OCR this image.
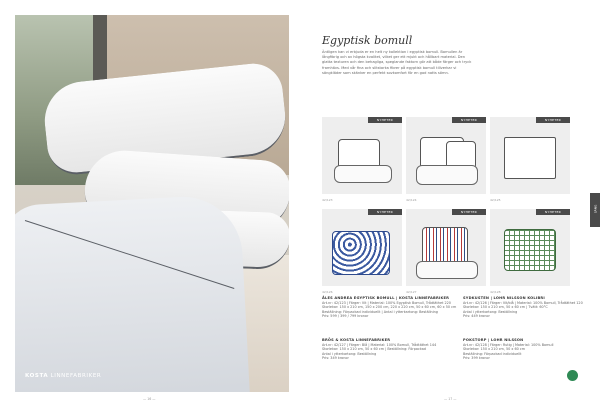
KOSTA LINNEFABRIKER
— 16 —
Egyptisk bomull
Äntligen kan vi erbjuda er en helt ny kollektion i egyptisk bomull. Bomullen är långfibrig och av högsta kvalitet, vilket ger ett mjukt och hållbart material. Den glatta texturen och den behagliga, speglande faktorn gör att både färger och tryck framhävs. Med vår fina och slitstarka fibrer på egyptisk bomull tillverkar vi sängkläder som skänker en perfekt sovkomfort för en god natts sömn.
NYHETER
42/123
NYHETER
42/124
NYHETER
42/125
NYHETER
42/126
NYHETER
42/127
NYHETER
42/128
ÅLES ANDREA EGYPTISK BOMULL | KOSTA LINNEFABRIKER
Art.nr: 42/123 | Färger: Vit | Material: 100% Egyptisk Bomull, Trådtäthet 220
Storlekar: 150 x 210 cm, 150 x 200 cm, 220 x 220 cm, 50 x 60 cm, 60 x 50 cm
Beställning: Förpackad individuellt | Antal i ytterkartong: Beställning
Pris: 599 / 399 / 799 kronor
SYDKUSTEN | LOHR NILSSON KOLIBRI
Art.nr: 42/126 | Färger: Vit/blå | Material: 100% Bomull, Trådtäthet 120
Storlekar: 150 x 210 cm, 50 x 60 cm | Tvätt: 60°C
Antal i ytterkartong: Beställning
Pris: 449 kronor
BRÖS & KOSTA LINNEFABRIKER
Art.nr: 42/127 | Färger: Blå | Material: 100% Bomull, Trådtäthet 144
Storlekar: 150 x 210 cm, 50 x 60 cm | Beställning: Förpackad
Antal i ytterkartong: Beställning
Pris: 349 kronor
POKSTORP | LOHR NILSSON
Art.nr: 42/128 | Färger: Rutig | Material: 100% Bomull
Storlekar: 150 x 210 cm, 50 x 60 cm
Beställning: Förpackad individuellt
Pris: 399 kronor
SÄNG
— 17 —
